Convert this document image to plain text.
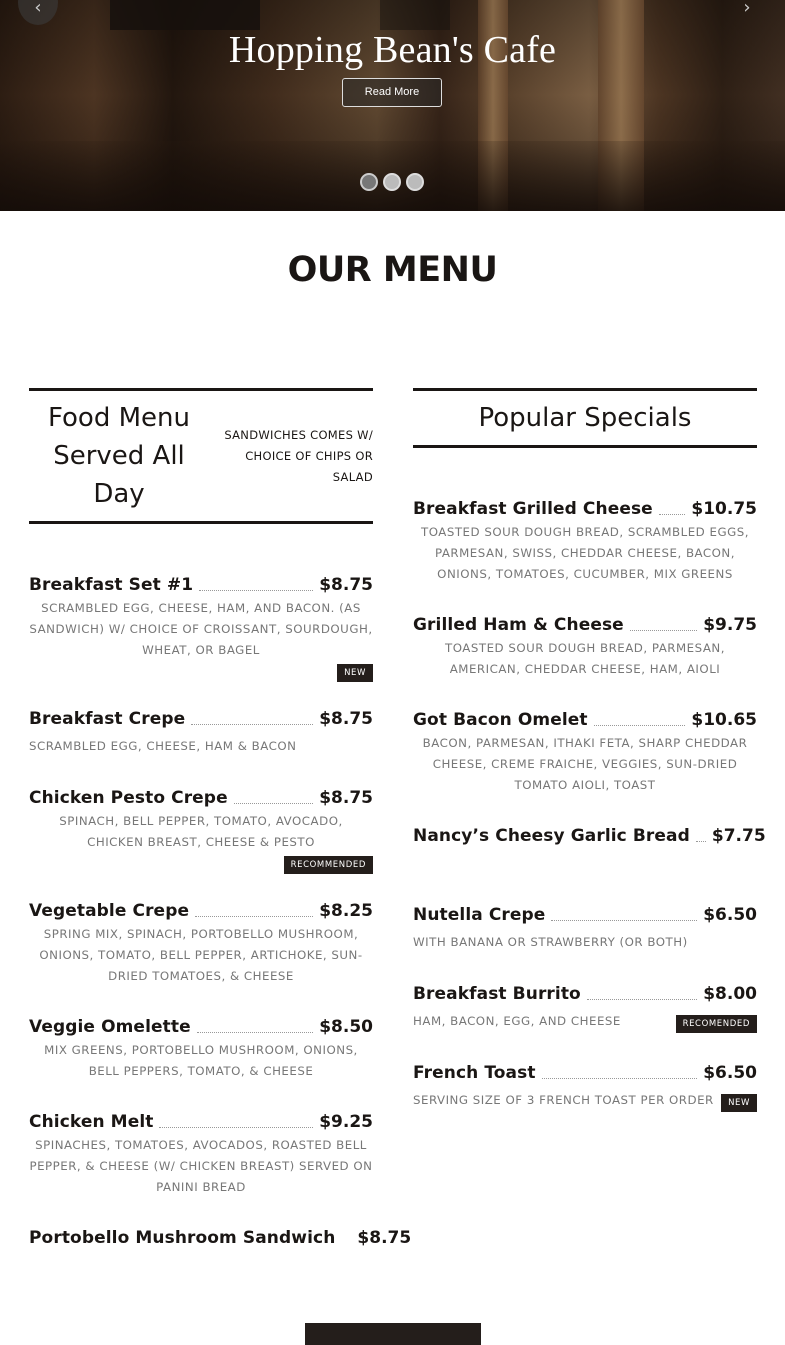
‹	›
Hopping Bean's Cafe
Read More
OUR MENU
Food Menu Served All Day
SANDWICHES COMES W/ CHOICE OF CHIPS OR SALAD
Breakfast Set #1	$8.75
SCRAMBLED EGG, CHEESE, HAM, AND BACON. (AS SANDWICH) W/ CHOICE OF CROISSANT, SOURDOUGH, WHEAT, OR BAGEL
NEW
Breakfast Crepe	$8.75
SCRAMBLED EGG, CHEESE, HAM & BACON
Chicken Pesto Crepe	$8.75
SPINACH, BELL PEPPER, TOMATO, AVOCADO, CHICKEN BREAST, CHEESE & PESTO
RECOMMENDED
Vegetable Crepe	$8.25
SPRING MIX, SPINACH, PORTOBELLO MUSHROOM, ONIONS, TOMATO, BELL PEPPER, ARTICHOKE, SUN-DRIED TOMATOES, & CHEESE
Veggie Omelette	$8.50
MIX GREENS, PORTOBELLO MUSHROOM, ONIONS, BELL PEPPERS, TOMATO, & CHEESE
Chicken Melt	$9.25
SPINACHES, TOMATOES, AVOCADOS, ROASTED BELL PEPPER, & CHEESE (W/ CHICKEN BREAST) SERVED ON PANINI BREAD
Portobello Mushroom Sandwich $8.75
Popular Specials
Breakfast Grilled Cheese $10.75
TOASTED SOUR DOUGH BREAD, SCRAMBLED EGGS, PARMESAN, SWISS, CHEDDAR CHEESE, BACON, ONIONS, TOMATOES, CUCUMBER, MIX GREENS
Grilled Ham & Cheese	$9.75
TOASTED SOUR DOUGH BREAD, PARMESAN, AMERICAN, CHEDDAR CHEESE, HAM, AIOLI
Got Bacon Omelet	$10.65
BACON, PARMESAN, ITHAKI FETA, SHARP CHEDDAR CHEESE, CREME FRAICHE, VEGGIES, SUN-DRIED TOMATO AIOLI, TOAST
Nancy’s Cheesy Garlic Bread $7.75
Nutella Crepe	$6.50
WITH BANANA OR STRAWBERRY (OR BOTH)
Breakfast Burrito	$8.00
HAM, BACON, EGG, AND CHEESE	RECOMENDED
French Toast	$6.50
SERVING SIZE OF 3 FRENCH TOAST PER ORDER	NEW
